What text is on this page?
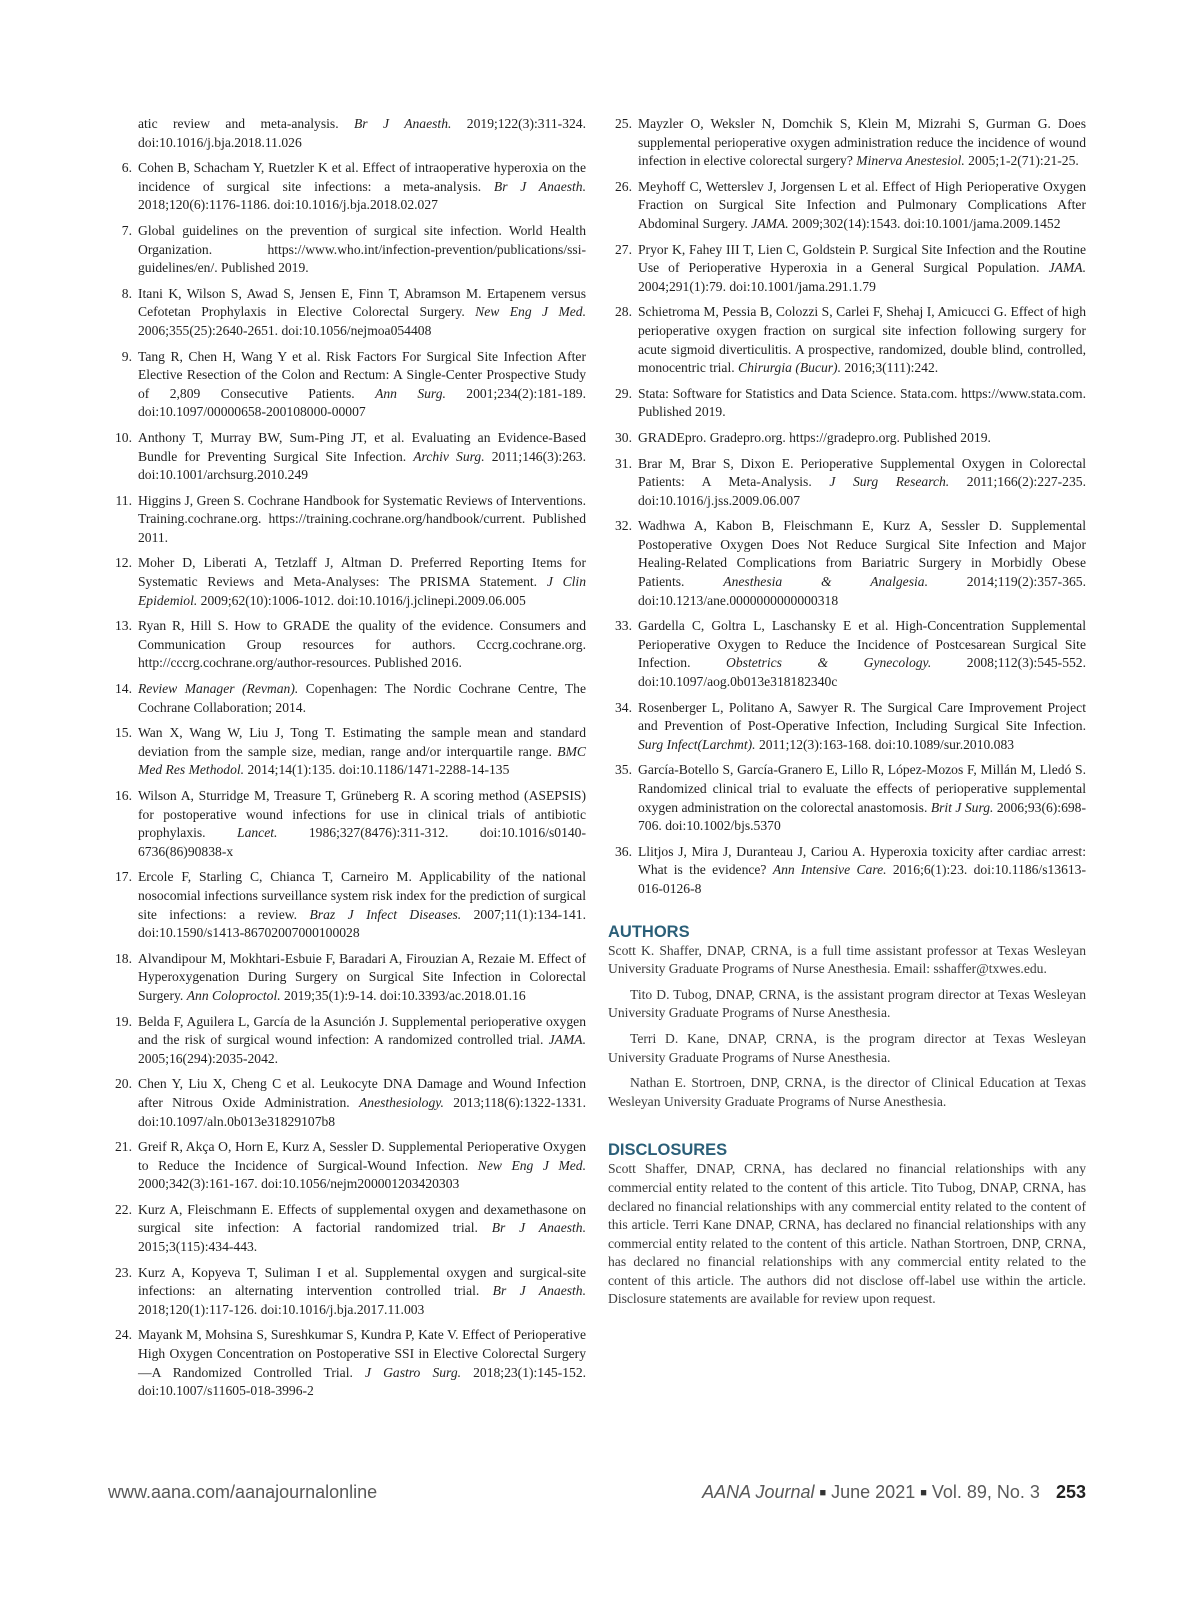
atic review and meta-analysis. Br J Anaesth. 2019;122(3):311-324. doi:10.1016/j.bja.2018.11.026
6. Cohen B, Schacham Y, Ruetzler K et al. Effect of intraoperative hyperoxia on the incidence of surgical site infections: a meta-analysis. Br J Anaesth. 2018;120(6):1176-1186. doi:10.1016/j.bja.2018.02.027
7. Global guidelines on the prevention of surgical site infection. World Health Organization. https://www.who.int/infection-prevention/publications/ssi-guidelines/en/. Published 2019.
8. Itani K, Wilson S, Awad S, Jensen E, Finn T, Abramson M. Ertapenem versus Cefotetan Prophylaxis in Elective Colorectal Surgery. New Eng J Med. 2006;355(25):2640-2651. doi:10.1056/nejmoa054408
9. Tang R, Chen H, Wang Y et al. Risk Factors For Surgical Site Infection After Elective Resection of the Colon and Rectum: A Single-Center Prospective Study of 2,809 Consecutive Patients. Ann Surg. 2001;234(2):181-189. doi:10.1097/00000658-200108000-00007
10. Anthony T, Murray BW, Sum-Ping JT, et al. Evaluating an Evidence-Based Bundle for Preventing Surgical Site Infection. Archiv Surg. 2011;146(3):263. doi:10.1001/archsurg.2010.249
11. Higgins J, Green S. Cochrane Handbook for Systematic Reviews of Interventions. Training.cochrane.org. https://training.cochrane.org/handbook/current. Published 2011.
12. Moher D, Liberati A, Tetzlaff J, Altman D. Preferred Reporting Items for Systematic Reviews and Meta-Analyses: The PRISMA Statement. J Clin Epidemiol. 2009;62(10):1006-1012. doi:10.1016/j.jclinepi.2009.06.005
13. Ryan R, Hill S. How to GRADE the quality of the evidence. Consumers and Communication Group resources for authors. Cccrg.cochrane.org. http://cccrg.cochrane.org/author-resources. Published 2016.
14. Review Manager (Revman). Copenhagen: The Nordic Cochrane Centre, The Cochrane Collaboration; 2014.
15. Wan X, Wang W, Liu J, Tong T. Estimating the sample mean and standard deviation from the sample size, median, range and/or interquartile range. BMC Med Res Methodol. 2014;14(1):135. doi:10.1186/1471-2288-14-135
16. Wilson A, Sturridge M, Treasure T, Grüneberg R. A scoring method (ASEPSIS) for postoperative wound infections for use in clinical trials of antibiotic prophylaxis. Lancet. 1986;327(8476):311-312. doi:10.1016/s0140-6736(86)90838-x
17. Ercole F, Starling C, Chianca T, Carneiro M. Applicability of the national nosocomial infections surveillance system risk index for the prediction of surgical site infections: a review. Braz J Infect Diseases. 2007;11(1):134-141. doi:10.1590/s1413-86702007000100028
18. Alvandipour M, Mokhtari-Esbuie F, Baradari A, Firouzian A, Rezaie M. Effect of Hyperoxygenation During Surgery on Surgical Site Infection in Colorectal Surgery. Ann Coloproctol. 2019;35(1):9-14. doi:10.3393/ac.2018.01.16
19. Belda F, Aguilera L, García de la Asunción J. Supplemental perioperative oxygen and the risk of surgical wound infection: A randomized controlled trial. JAMA. 2005;16(294):2035-2042.
20. Chen Y, Liu X, Cheng C et al. Leukocyte DNA Damage and Wound Infection after Nitrous Oxide Administration. Anesthesiology. 2013;118(6):1322-1331. doi:10.1097/aln.0b013e31829107b8
21. Greif R, Akça O, Horn E, Kurz A, Sessler D. Supplemental Perioperative Oxygen to Reduce the Incidence of Surgical-Wound Infection. New Eng J Med. 2000;342(3):161-167. doi:10.1056/nejm200001203420303
22. Kurz A, Fleischmann E. Effects of supplemental oxygen and dexamethasone on surgical site infection: A factorial randomized trial. Br J Anaesth. 2015;3(115):434-443.
23. Kurz A, Kopyeva T, Suliman I et al. Supplemental oxygen and surgical-site infections: an alternating intervention controlled trial. Br J Anaesth. 2018;120(1):117-126. doi:10.1016/j.bja.2017.11.003
24. Mayank M, Mohsina S, Sureshkumar S, Kundra P, Kate V. Effect of Perioperative High Oxygen Concentration on Postoperative SSI in Elective Colorectal Surgery—A Randomized Controlled Trial. J Gastro Surg. 2018;23(1):145-152. doi:10.1007/s11605-018-3996-2
25. Mayzler O, Weksler N, Domchik S, Klein M, Mizrahi S, Gurman G. Does supplemental perioperative oxygen administration reduce the incidence of wound infection in elective colorectal surgery? Minerva Anestesiol. 2005;1-2(71):21-25.
26. Meyhoff C, Wetterslev J, Jorgensen L et al. Effect of High Perioperative Oxygen Fraction on Surgical Site Infection and Pulmonary Complications After Abdominal Surgery. JAMA. 2009;302(14):1543. doi:10.1001/jama.2009.1452
27. Pryor K, Fahey III T, Lien C, Goldstein P. Surgical Site Infection and the Routine Use of Perioperative Hyperoxia in a General Surgical Population. JAMA. 2004;291(1):79. doi:10.1001/jama.291.1.79
28. Schietroma M, Pessia B, Colozzi S, Carlei F, Shehaj I, Amicucci G. Effect of high perioperative oxygen fraction on surgical site infection following surgery for acute sigmoid diverticulitis. A prospective, randomized, double blind, controlled, monocentric trial. Chirurgia (Bucur). 2016;3(111):242.
29. Stata: Software for Statistics and Data Science. Stata.com. https://www.stata.com. Published 2019.
30. GRADEpro. Gradepro.org. https://gradepro.org. Published 2019.
31. Brar M, Brar S, Dixon E. Perioperative Supplemental Oxygen in Colorectal Patients: A Meta-Analysis. J Surg Research. 2011;166(2):227-235. doi:10.1016/j.jss.2009.06.007
32. Wadhwa A, Kabon B, Fleischmann E, Kurz A, Sessler D. Supplemental Postoperative Oxygen Does Not Reduce Surgical Site Infection and Major Healing-Related Complications from Bariatric Surgery in Morbidly Obese Patients. Anesthesia & Analgesia. 2014;119(2):357-365. doi:10.1213/ane.0000000000000318
33. Gardella C, Goltra L, Laschansky E et al. High-Concentration Supplemental Perioperative Oxygen to Reduce the Incidence of Postcesarean Surgical Site Infection. Obstetrics & Gynecology. 2008;112(3):545-552. doi:10.1097/aog.0b013e318182340c
34. Rosenberger L, Politano A, Sawyer R. The Surgical Care Improvement Project and Prevention of Post-Operative Infection, Including Surgical Site Infection. Surg Infect(Larchmt). 2011;12(3):163-168. doi:10.1089/sur.2010.083
35. García-Botello S, García-Granero E, Lillo R, López-Mozos F, Millán M, Lledó S. Randomized clinical trial to evaluate the effects of perioperative supplemental oxygen administration on the colorectal anastomosis. Brit J Surg. 2006;93(6):698-706. doi:10.1002/bjs.5370
36. Llitjos J, Mira J, Duranteau J, Cariou A. Hyperoxia toxicity after cardiac arrest: What is the evidence? Ann Intensive Care. 2016;6(1):23. doi:10.1186/s13613-016-0126-8
AUTHORS

Scott K. Shaffer, DNAP, CRNA, is a full time assistant professor at Texas Wesleyan University Graduate Programs of Nurse Anesthesia. Email: sshaffer@txwes.edu.

Tito D. Tubog, DNAP, CRNA, is the assistant program director at Texas Wesleyan University Graduate Programs of Nurse Anesthesia.

Terri D. Kane, DNAP, CRNA, is the program director at Texas Wesleyan University Graduate Programs of Nurse Anesthesia.

Nathan E. Stortroen, DNP, CRNA, is the director of Clinical Education at Texas Wesleyan University Graduate Programs of Nurse Anesthesia.

DISCLOSURES

Scott Shaffer, DNAP, CRNA, has declared no financial relationships with any commercial entity related to the content of this article. Tito Tubog, DNAP, CRNA, has declared no financial relationships with any commercial entity related to the content of this article. Terri Kane DNAP, CRNA, has declared no financial relationships with any commercial entity related to the content of this article. Nathan Stortroen, DNP, CRNA, has declared no financial relationships with any commercial entity related to the content of this article. The authors did not disclose off-label use within the article. Disclosure statements are available for review upon request.

www.aana.com/aanajournalonline	AANA Journal ■ June 2021 ■ Vol. 89, No. 3 253
